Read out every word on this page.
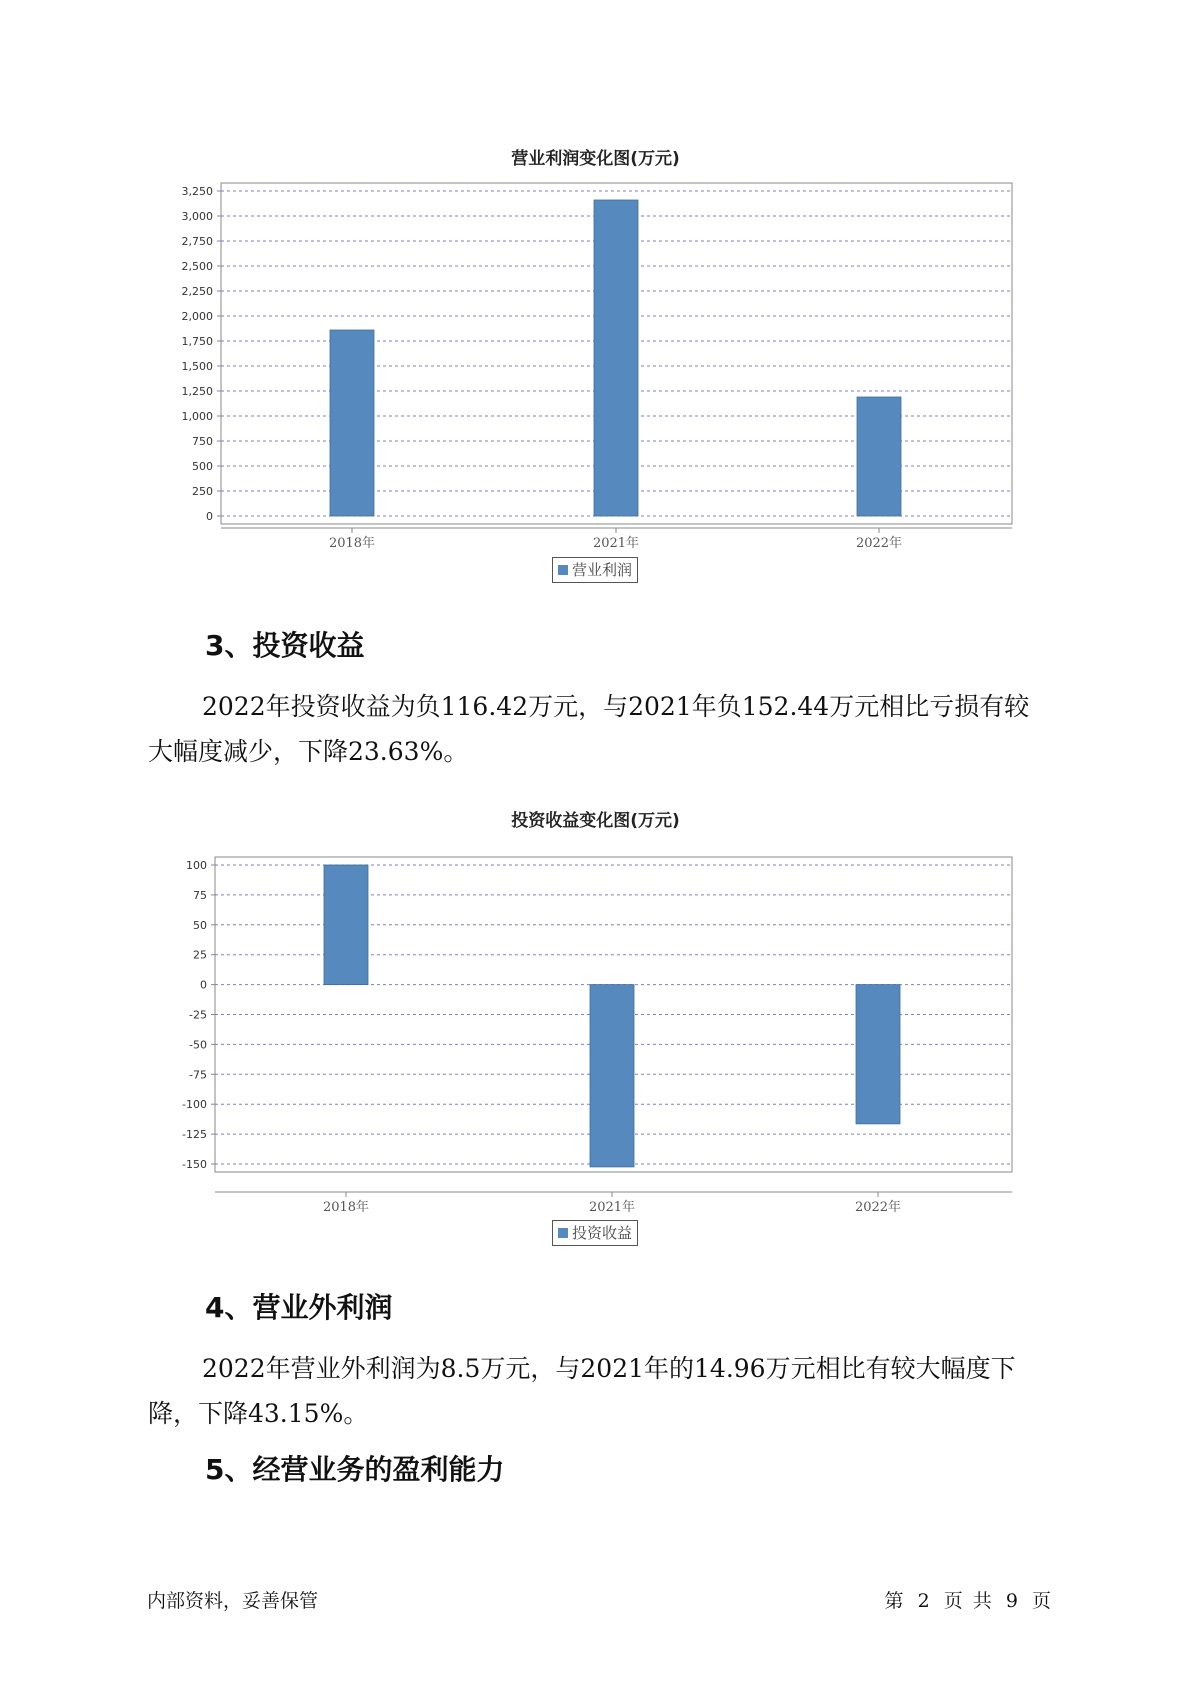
营业利润变化图(万元)
0
250
500
750
1,000
1,250
1,500
1,750
2,000
2,250
2,500
2,750
3,000
3,250
2018年	2021年	2022年
营业利润
3、投资收益
2022年投资收益为负116.42万元，与2021年负152.44万元相比亏损有较大幅度减少，下降23.63%。
投资收益变化图(万元)
-150
-125
-100
-75
-50
-25
0
25
50
75
100
2018年	2021年	2022年
投资收益
4、营业外利润
2022年营业外利润为8.5万元，与2021年的14.96万元相比有较大幅度下降，下降43.15%。
5、经营业务的盈利能力
内部资料，妥善保管	第 2 页 共 9 页
